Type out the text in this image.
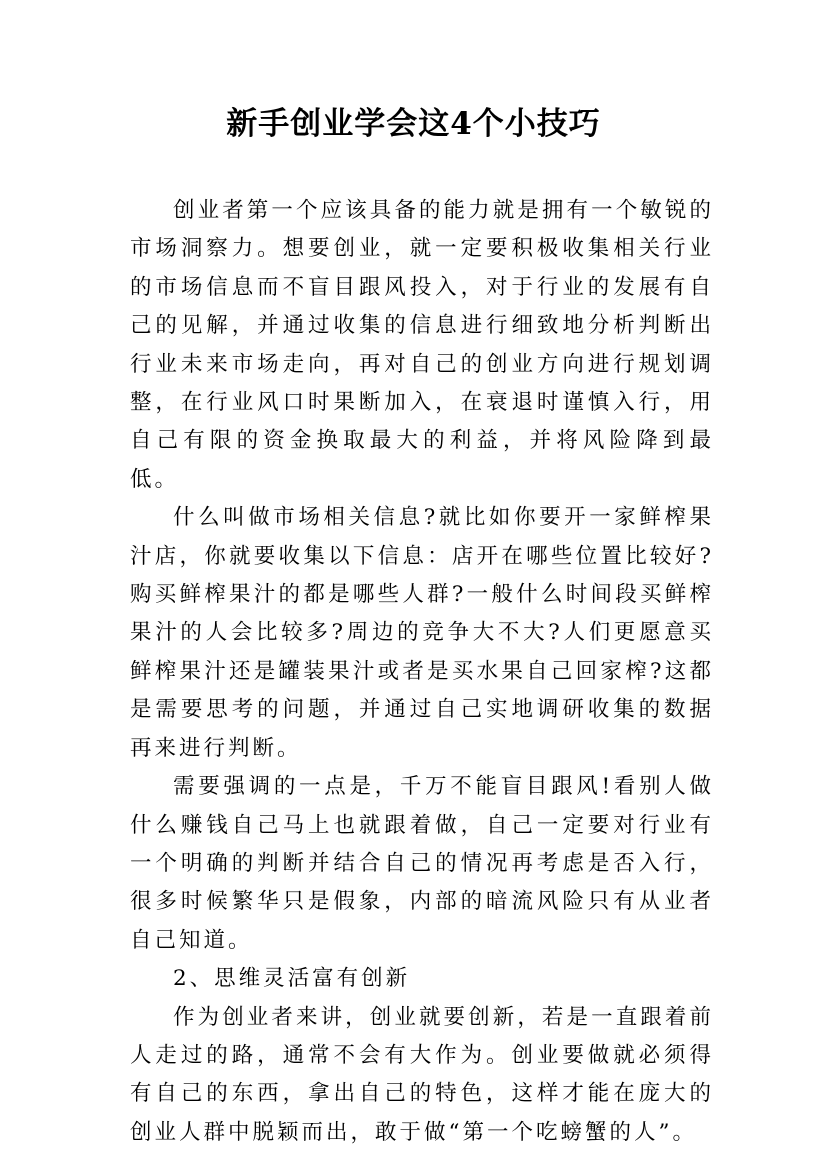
新手创业学会这4个小技巧

创业者第一个应该具备的能力就是拥有一个敏锐的市场洞察力。想要创业，就一定要积极收集相关行业的市场信息而不盲目跟风投入，对于行业的发展有自己的见解，并通过收集的信息进行细致地分析判断出行业未来市场走向，再对自己的创业方向进行规划调整，在行业风口时果断加入，在衰退时谨慎入行，用自己有限的资金换取最大的利益，并将风险降到最低。

什么叫做市场相关信息?就比如你要开一家鲜榨果汁店，你就要收集以下信息：店开在哪些位置比较好?购买鲜榨果汁的都是哪些人群?一般什么时间段买鲜榨果汁的人会比较多?周边的竞争大不大?人们更愿意买鲜榨果汁还是罐装果汁或者是买水果自己回家榨?这都是需要思考的问题，并通过自己实地调研收集的数据再来进行判断。

需要强调的一点是，千万不能盲目跟风!看别人做什么赚钱自己马上也就跟着做，自己一定要对行业有一个明确的判断并结合自己的情况再考虑是否入行，很多时候繁华只是假象，内部的暗流风险只有从业者自己知道。

2、思维灵活富有创新

作为创业者来讲，创业就要创新，若是一直跟着前人走过的路，通常不会有大作为。创业要做就必须得有自己的东西，拿出自己的特色，这样才能在庞大的创业人群中脱颖而出，敢于做“第一个吃螃蟹的人”。
